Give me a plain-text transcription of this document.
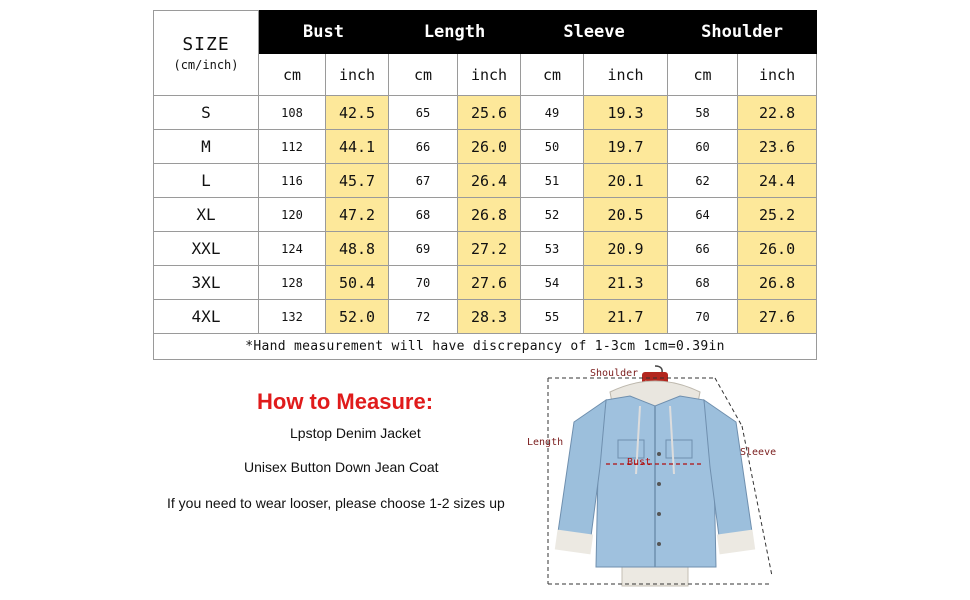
SIZE
(cm/inch)	Bust		Length		Sleeve		Shoulder	
	cm	inch	cm	inch	cm	inch	cm	inch
S	108	42.5	65	25.6	49	19.3	58	22.8
M	112	44.1	66	26.0	50	19.7	60	23.6
L	116	45.7	67	26.4	51	20.1	62	24.4
XL	120	47.2	68	26.8	52	20.5	64	25.2
XXL	124	48.8	69	27.2	53	20.9	66	26.0
3XL	128	50.4	70	27.6	54	21.3	68	26.8
4XL	132	52.0	72	28.3	55	21.7	70	27.6
*Hand measurement will have discrepancy of 1-3cm 1cm=0.39in								
How to Measure:
Lpstop Denim Jacket
Unisex Button Down Jean Coat
If you need to wear looser, please choose 1-2 sizes up
Shoulder
Length
Sleeve
Bust
